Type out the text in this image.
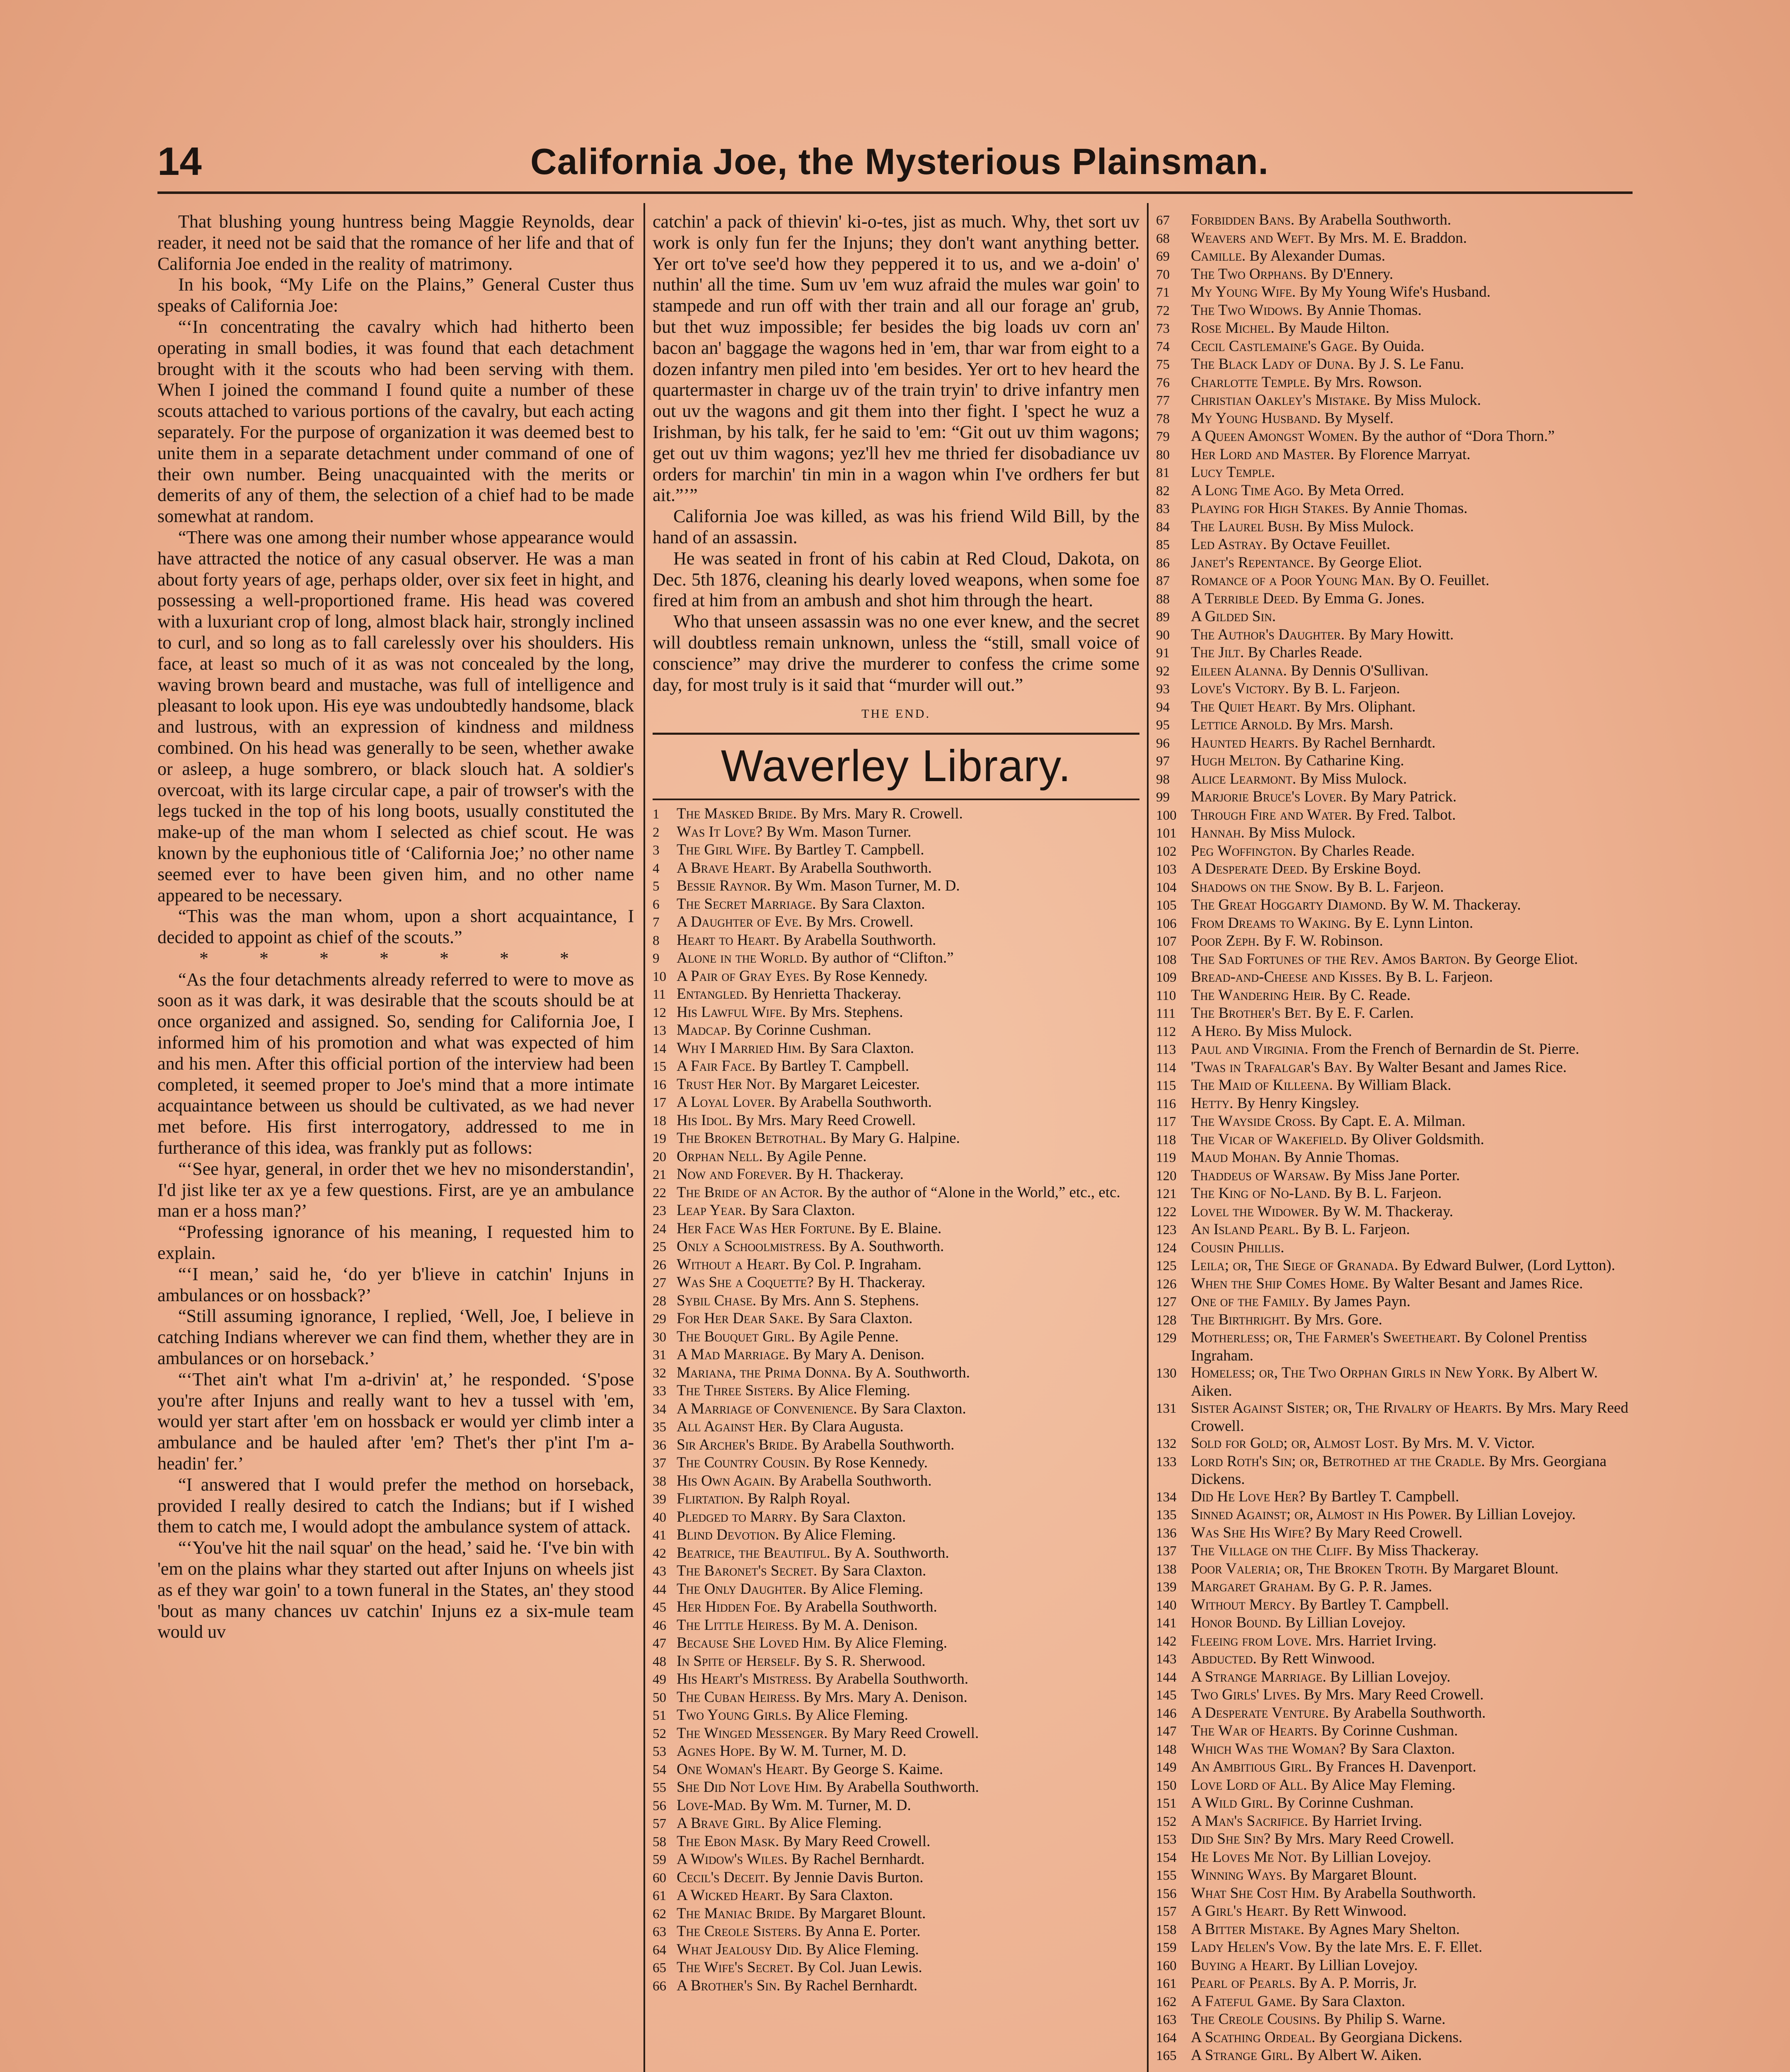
14	California Joe, the Mysterious Plainsman.

That blushing young huntress being Maggie Reynolds, dear reader, it need not be said that the romance of her life and that of California Joe ended in the reality of matrimony.

In his book, “My Life on the Plains,” General Custer thus speaks of California Joe:

“‘In concentrating the cavalry which had hitherto been operating in small bodies, it was found that each detachment brought with it the scouts who had been serving with them. When I joined the command I found quite a number of these scouts attached to various portions of the cavalry, but each acting separately. For the purpose of organization it was deemed best to unite them in a separate detachment under command of one of their own number. Being unacquainted with the merits or demerits of any of them, the selection of a chief had to be made somewhat at random.

“There was one among their number whose appearance would have attracted the notice of any casual observer. He was a man about forty years of age, perhaps older, over six feet in hight, and possessing a well-proportioned frame. His head was covered with a luxuriant crop of long, almost black hair, strongly inclined to curl, and so long as to fall carelessly over his shoulders. His face, at least so much of it as was not concealed by the long, waving brown beard and mustache, was full of intelligence and pleasant to look upon. His eye was undoubtedly handsome, black and lustrous, with an expression of kindness and mildness combined. On his head was generally to be seen, whether awake or asleep, a huge sombrero, or black slouch hat. A soldier's overcoat, with its large circular cape, a pair of trowser's with the legs tucked in the top of his long boots, usually constituted the make-up of the man whom I selected as chief scout. He was known by the euphonious title of ‘California Joe;’ no other name seemed ever to have been given him, and no other name appeared to be necessary.

“This was the man whom, upon a short acquaintance, I decided to appoint as chief of the scouts.”

* * * * * * *

“As the four detachments already referred to were to move as soon as it was dark, it was desirable that the scouts should be at once organized and assigned. So, sending for California Joe, I informed him of his promotion and what was expected of him and his men. After this official portion of the interview had been completed, it seemed proper to Joe's mind that a more intimate acquaintance between us should be cultivated, as we had never met before. His first interrogatory, addressed to me in furtherance of this idea, was frankly put as follows:

“‘See hyar, general, in order thet we hev no misonderstandin', I'd jist like ter ax ye a few questions. First, are ye an ambulance man er a hoss man?’

“Professing ignorance of his meaning, I requested him to explain.

“‘I mean,’ said he, ‘do yer b'lieve in catchin' Injuns in ambulances or on hossback?’

“Still assuming ignorance, I replied, ‘Well, Joe, I believe in catching Indians wherever we can find them, whether they are in ambulances or on horseback.’

“‘Thet ain't what I'm a-drivin' at,’ he responded. ‘S'pose you're after Injuns and really want to hev a tussel with 'em, would yer start after 'em on hossback er would yer climb inter a ambulance and be hauled after 'em? Thet's ther p'int I'm a-headin' fer.’

“I answered that I would prefer the method on horseback, provided I really desired to catch the Indians; but if I wished them to catch me, I would adopt the ambulance system of attack.

“‘You've hit the nail squar' on the head,’ said he. ‘I've bin with 'em on the plains whar they started out after Injuns on wheels jist as ef they war goin' to a town funeral in the States, an' they stood 'bout as many chances uv catchin' Injuns ez a six-mule team would uv

catchin' a pack of thievin' ki-o-tes, jist as much. Why, thet sort uv work is only fun fer the Injuns; they don't want anything better. Yer ort to've see'd how they peppered it to us, and we a-doin' o' nuthin' all the time. Sum uv 'em wuz afraid the mules war goin' to stampede and run off with ther train and all our forage an' grub, but thet wuz impossible; fer besides the big loads uv corn an' bacon an' baggage the wagons hed in 'em, thar war from eight to a dozen infantry men piled into 'em besides. Yer ort to hev heard the quartermaster in charge uv of the train tryin' to drive infantry men out uv the wagons and git them into ther fight. I 'spect he wuz a Irishman, by his talk, fer he said to 'em: “Git out uv thim wagons; get out uv thim wagons; yez'll hev me thried fer disobadiance uv orders for marchin' tin min in a wagon whin I've ordhers fer but ait.”’”

California Joe was killed, as was his friend Wild Bill, by the hand of an assassin.

He was seated in front of his cabin at Red Cloud, Dakota, on Dec. 5th 1876, cleaning his dearly loved weapons, when some foe fired at him from an ambush and shot him through the heart.

Who that unseen assassin was no one ever knew, and the secret will doubtless remain unknown, unless the “still, small voice of conscience” may drive the murderer to confess the crime some day, for most truly is it said that “murder will out.”

THE END.

Waverley Library.
1 The Masked Bride. By Mrs. Mary R. Crowell.
2 Was It Love? By Wm. Mason Turner.
3 The Girl Wife. By Bartley T. Campbell.
4 A Brave Heart. By Arabella Southworth.
5 Bessie Raynor. By Wm. Mason Turner, M. D.
6 The Secret Marriage. By Sara Claxton.
7 A Daughter of Eve. By Mrs. Crowell.
8 Heart to Heart. By Arabella Southworth.
9 Alone in the World. By author of “Clifton.”
10 A Pair of Gray Eyes. By Rose Kennedy.
11 Entangled. By Henrietta Thackeray.
12 His Lawful Wife. By Mrs. Stephens.
13 Madcap. By Corinne Cushman.
14 Why I Married Him. By Sara Claxton.
15 A Fair Face. By Bartley T. Campbell.
16 Trust Her Not. By Margaret Leicester.
17 A Loyal Lover. By Arabella Southworth.
18 His Idol. By Mrs. Mary Reed Crowell.
19 The Broken Betrothal. By Mary G. Halpine.
20 Orphan Nell. By Agile Penne.
21 Now and Forever. By H. Thackeray.
22 The Bride of an Actor. By the author of “Alone in the World,” etc., etc.
23 Leap Year. By Sara Claxton.
24 Her Face Was Her Fortune. By E. Blaine.
25 Only a Schoolmistress. By A. Southworth.
26 Without a Heart. By Col. P. Ingraham.
27 Was She a Coquette? By H. Thackeray.
28 Sybil Chase. By Mrs. Ann S. Stephens.
29 For Her Dear Sake. By Sara Claxton.
30 The Bouquet Girl. By Agile Penne.
31 A Mad Marriage. By Mary A. Denison.
32 Mariana, the Prima Donna. By A. Southworth.
33 The Three Sisters. By Alice Fleming.
34 A Marriage of Convenience. By Sara Claxton.
35 All Against Her. By Clara Augusta.
36 Sir Archer's Bride. By Arabella Southworth.
37 The Country Cousin. By Rose Kennedy.
38 His Own Again. By Arabella Southworth.
39 Flirtation. By Ralph Royal.
40 Pledged to Marry. By Sara Claxton.
41 Blind Devotion. By Alice Fleming.
42 Beatrice, the Beautiful. By A. Southworth.
43 The Baronet's Secret. By Sara Claxton.
44 The Only Daughter. By Alice Fleming.
45 Her Hidden Foe. By Arabella Southworth.
46 The Little Heiress. By M. A. Denison.
47 Because She Loved Him. By Alice Fleming.
48 In Spite of Herself. By S. R. Sherwood.
49 His Heart's Mistress. By Arabella Southworth.
50 The Cuban Heiress. By Mrs. Mary A. Denison.
51 Two Young Girls. By Alice Fleming.
52 The Winged Messenger. By Mary Reed Crowell.
53 Agnes Hope. By W. M. Turner, M. D.
54 One Woman's Heart. By George S. Kaime.
55 She Did Not Love Him. By Arabella Southworth.
56 Love-Mad. By Wm. M. Turner, M. D.
57 A Brave Girl. By Alice Fleming.
58 The Ebon Mask. By Mary Reed Crowell.
59 A Widow's Wiles. By Rachel Bernhardt.
60 Cecil's Deceit. By Jennie Davis Burton.
61 A Wicked Heart. By Sara Claxton.
62 The Maniac Bride. By Margaret Blount.
63 The Creole Sisters. By Anna E. Porter.
64 What Jealousy Did. By Alice Fleming.
65 The Wife's Secret. By Col. Juan Lewis.
66 A Brother's Sin. By Rachel Bernhardt.
67 Forbidden Bans. By Arabella Southworth.
68 Weavers and Weft. By Mrs. M. E. Braddon.
69 Camille. By Alexander Dumas.
70 The Two Orphans. By D'Ennery.
71 My Young Wife. By My Young Wife's Husband.
72 The Two Widows. By Annie Thomas.
73 Rose Michel. By Maude Hilton.
74 Cecil Castlemaine's Gage. By Ouida.
75 The Black Lady of Duna. By J. S. Le Fanu.
76 Charlotte Temple. By Mrs. Rowson.
77 Christian Oakley's Mistake. By Miss Mulock.
78 My Young Husband. By Myself.
79 A Queen Amongst Women. By the author of “Dora Thorn.”
80 Her Lord and Master. By Florence Marryat.
81 Lucy Temple.
82 A Long Time Ago. By Meta Orred.
83 Playing for High Stakes. By Annie Thomas.
84 The Laurel Bush. By Miss Mulock.
85 Led Astray. By Octave Feuillet.
86 Janet's Repentance. By George Eliot.
87 Romance of a Poor Young Man. By O. Feuillet.
88 A Terrible Deed. By Emma G. Jones.
89 A Gilded Sin.
90 The Author's Daughter. By Mary Howitt.
91 The Jilt. By Charles Reade.
92 Eileen Alanna. By Dennis O'Sullivan.
93 Love's Victory. By B. L. Farjeon.
94 The Quiet Heart. By Mrs. Oliphant.
95 Lettice Arnold. By Mrs. Marsh.
96 Haunted Hearts. By Rachel Bernhardt.
97 Hugh Melton. By Catharine King.
98 Alice Learmont. By Miss Mulock.
99 Marjorie Bruce's Lover. By Mary Patrick.
100 Through Fire and Water. By Fred. Talbot.
101 Hannah. By Miss Mulock.
102 Peg Woffington. By Charles Reade.
103 A Desperate Deed. By Erskine Boyd.
104 Shadows on the Snow. By B. L. Farjeon.
105 The Great Hoggarty Diamond. By W. M. Thackeray.
106 From Dreams to Waking. By E. Lynn Linton.
107 Poor Zeph. By F. W. Robinson.
108 The Sad Fortunes of the Rev. Amos Barton. By George Eliot.
109 Bread-and-Cheese and Kisses. By B. L. Farjeon.
110 The Wandering Heir. By C. Reade.
111 The Brother's Bet. By E. F. Carlen.
112 A Hero. By Miss Mulock.
113 Paul and Virginia. From the French of Bernardin de St. Pierre.
114 'Twas in Trafalgar's Bay. By Walter Besant and James Rice.
115 The Maid of Killeena. By William Black.
116 Hetty. By Henry Kingsley.
117 The Wayside Cross. By Capt. E. A. Milman.
118 The Vicar of Wakefield. By Oliver Goldsmith.
119 Maud Mohan. By Annie Thomas.
120 Thaddeus of Warsaw. By Miss Jane Porter.
121 The King of No-Land. By B. L. Farjeon.
122 Lovel the Widower. By W. M. Thackeray.
123 An Island Pearl. By B. L. Farjeon.
124 Cousin Phillis.
125 Leila; or, The Siege of Granada. By Edward Bulwer, (Lord Lytton).
126 When the Ship Comes Home. By Walter Besant and James Rice.
127 One of the Family. By James Payn.
128 The Birthright. By Mrs. Gore.
129 Motherless; or, The Farmer's Sweetheart. By Colonel Prentiss Ingraham.
130 Homeless; or, The Two Orphan Girls in New York. By Albert W. Aiken.
131 Sister Against Sister; or, The Rivalry of Hearts. By Mrs. Mary Reed Crowell.
132 Sold for Gold; or, Almost Lost. By Mrs. M. V. Victor.
133 Lord Roth's Sin; or, Betrothed at the Cradle. By Mrs. Georgiana Dickens.
134 Did He Love Her? By Bartley T. Campbell.
135 Sinned Against; or, Almost in His Power. By Lillian Lovejoy.
136 Was She His Wife? By Mary Reed Crowell.
137 The Village on the Cliff. By Miss Thackeray.
138 Poor Valeria; or, The Broken Troth. By Margaret Blount.
139 Margaret Graham. By G. P. R. James.
140 Without Mercy. By Bartley T. Campbell.
141 Honor Bound. By Lillian Lovejoy.
142 Fleeing from Love. Mrs. Harriet Irving.
143 Abducted. By Rett Winwood.
144 A Strange Marriage. By Lillian Lovejoy.
145 Two Girls' Lives. By Mrs. Mary Reed Crowell.
146 A Desperate Venture. By Arabella Southworth.
147 The War of Hearts. By Corinne Cushman.
148 Which Was the Woman? By Sara Claxton.
149 An Ambitious Girl. By Frances H. Davenport.
150 Love Lord of All. By Alice May Fleming.
151 A Wild Girl. By Corinne Cushman.
152 A Man's Sacrifice. By Harriet Irving.
153 Did She Sin? By Mrs. Mary Reed Crowell.
154 He Loves Me Not. By Lillian Lovejoy.
155 Winning Ways. By Margaret Blount.
156 What She Cost Him. By Arabella Southworth.
157 A Girl's Heart. By Rett Winwood.
158 A Bitter Mistake. By Agnes Mary Shelton.
159 Lady Helen's Vow. By the late Mrs. E. F. Ellet.
160 Buying a Heart. By Lillian Lovejoy.
161 Pearl of Pearls. By A. P. Morris, Jr.
162 A Fateful Game. By Sara Claxton.
163 The Creole Cousins. By Philip S. Warne.
164 A Scathing Ordeal. By Georgiana Dickens.
165 A Strange Girl. By Albert W. Aiken.
